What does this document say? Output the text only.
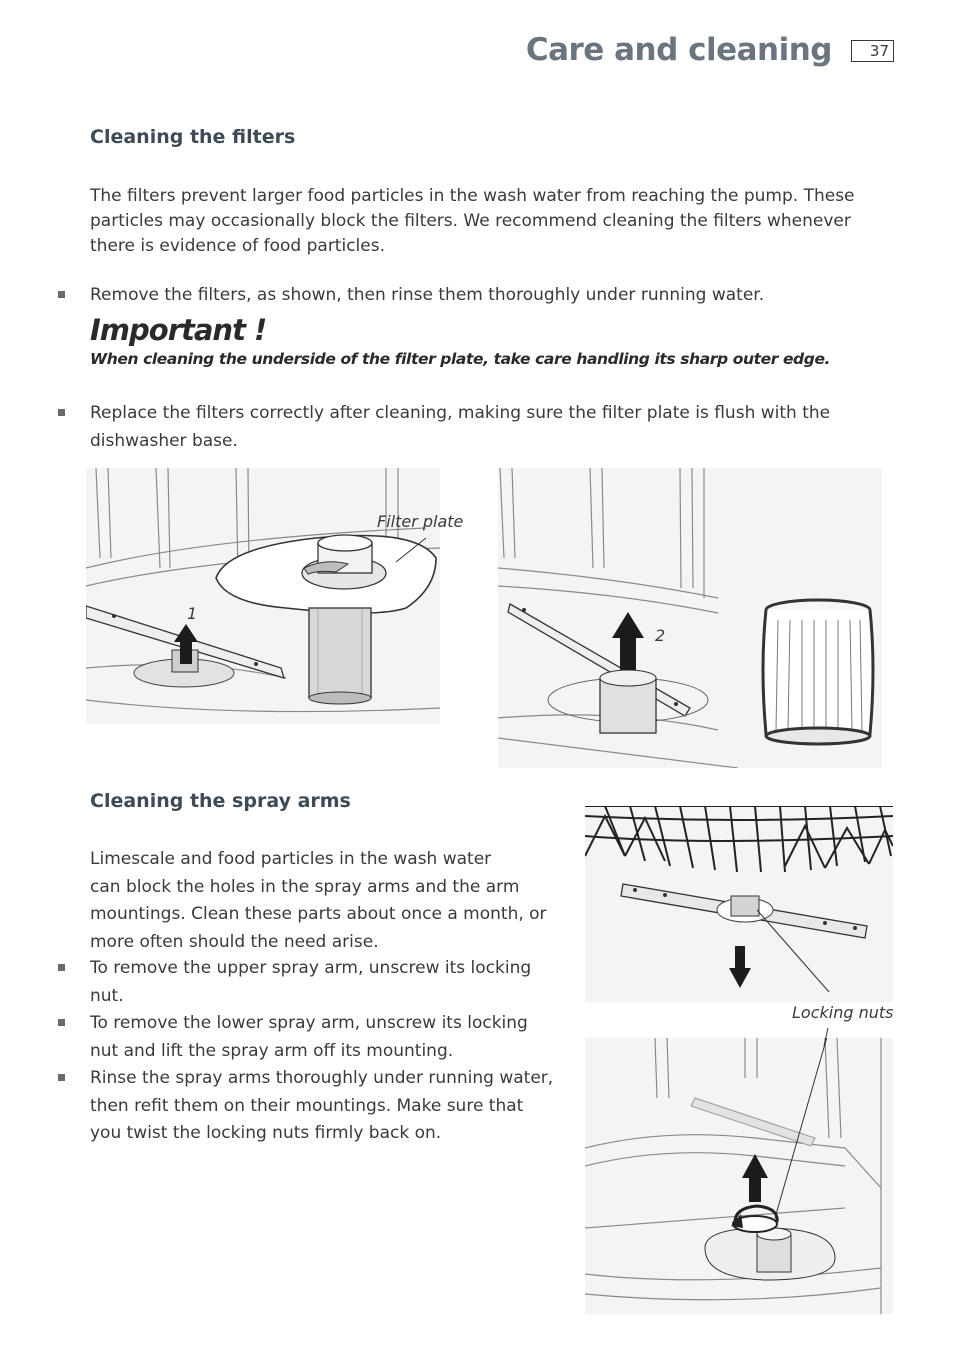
Care and cleaning	37
Cleaning the filters
The filters prevent larger food particles in the wash water from reaching the pump. These
particles may occasionally block the filters. We recommend cleaning the filters whenever
there is evidence of food particles.
Remove the filters, as shown, then rinse them thoroughly under running water.
Important !
When cleaning the underside of the filter plate, take care handling its sharp outer edge.
Replace the filters correctly after cleaning, making sure the filter plate is flush with the
dishwasher base.
Filter plate
1
2
Cleaning the spray arms
Limescale and food particles in the wash water
can block the holes in the spray arms and the arm
mountings. Clean these parts about once a month, or
more often should the need arise.
To remove the upper spray arm, unscrew its locking
nut.
To remove the lower spray arm, unscrew its locking
nut and lift the spray arm off its mounting.
Rinse the spray arms thoroughly under running water,
then refit them on their mountings. Make sure that
you twist the locking nuts firmly back on.
Locking nuts
